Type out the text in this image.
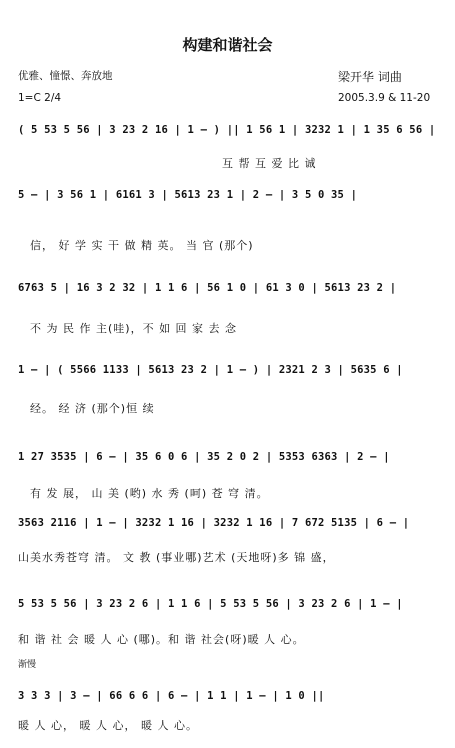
构建和谐社会
优雅、憧憬、奔放地
1=C 2/4
梁开华 词曲
2005.3.9 & 11-20
( 5 53 5 56 | 3 23 2 16 | 1 — ) || 1 56 1 | 3232 1 | 1 35 6 56 |
互 帮 互 爱 比 诚
5 — | 3 56 1 | 6161 3 | 5613 23 1 | 2 — | 3 5 0 35 |
信， 好 学 实 干 做 精 英。 当 官 (那个)
6763 5 | 16 3 2 32 | 1 1 6 | 56 1 0 | 61 3 0 | 5613 23 2 |
不 为 民 作 主(哇)，不 如 回 家 去 念
1 — | ( 5566 1133 | 5613 23 2 | 1 — ) | 2321 2 3 | 5635 6 |
经。 经 济 (那个)恒 续
1 27 3535 | 6 — | 35 6 0 6 | 35 2 0 2 | 5353 6363 | 2 — |
有 发 展， 山 美 (哟) 水 秀 (呵) 苍 穹 清。
3563 2116 | 1 — | 3232 1 16 | 3232 1 16 | 7 672 5135 | 6 — |
山美水秀苍穹 清。 文 教 (事业哪)艺术 (天地呀)多 锦 盛，
5 53 5 56 | 3 23 2 6 | 1 1 6 | 5 53 5 56 | 3 23 2 6 | 1 — |
和 谐 社 会 暖 人 心 (哪)。和 谐 社会(呀)暖 人 心。
渐慢
3 3 3 | 3 — | 66 6 6 | 6 — | 1 1 | 1 — | 1 0 ||
暖 人 心， 暖 人 心， 暖 人 心。
